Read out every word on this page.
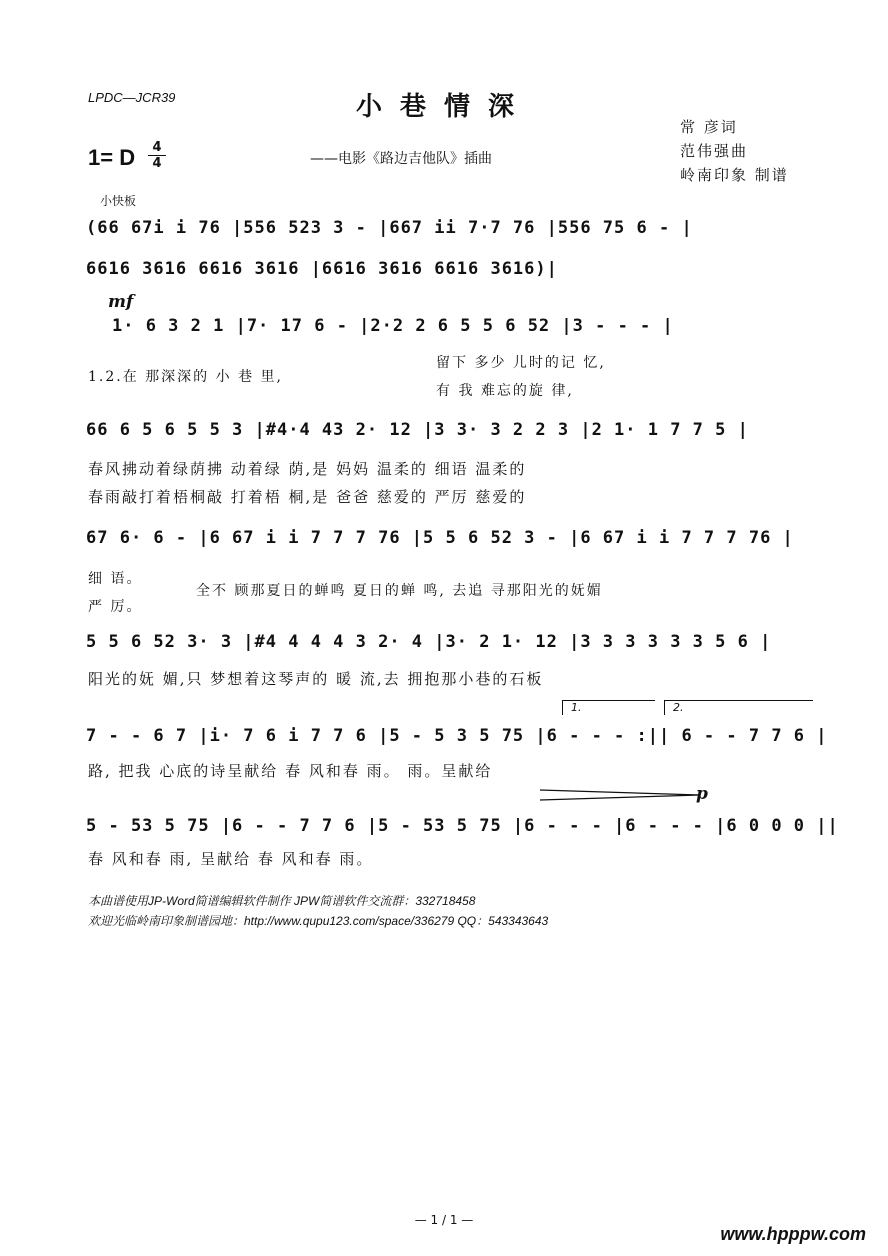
LPDC—JCR39	小巷情深
1= D	4
4	——电影《路边吉他队》插曲
常 彦词
范伟强曲
岭南印象 制谱
小快板
(66 67i i 76 |556 523 3 - |667 ii 7·7 76 |556 75 6 - |
6616 3616 6616 3616 |6616 3616 6616 3616)|
mf
1· 6 3 2 1 |7· 17 6 - |2·2 2 6 5 5 6 52 |3 - - - |
1.2.在 那深深的 小 巷 里,
留下 多少 儿时的记 忆,
有 我 难忘的旋 律,
66 6 5 6 5 5 3 |#4·4 43 2· 12 |3 3· 3 2 2 3 |2 1· 1 7 7 5 |
春风拂动着绿荫拂 动着绿 荫,是 妈妈 温柔的 细语 温柔的
春雨敲打着梧桐敲 打着梧 桐,是 爸爸 慈爱的 严厉 慈爱的
67 6· 6 - |6 67 i i 7 7 7 76 |5 5 6 52 3 - |6 67 i i 7 7 7 76 |
细 语。
严 厉。
全不 顾那夏日的蝉鸣 夏日的蝉 鸣, 去追 寻那阳光的妩媚
5 5 6 52 3· 3 |#4 4 4 4 3 2· 4 |3· 2 1· 12 |3 3 3 3 3 3 5 6 |
阳光的妩 媚,只 梦想着这琴声的 暖 流,去 拥抱那小巷的石板
1.	2.
7 - - 6 7 |i· 7 6 i 7 7 6 |5 - 5 3 5 75 |6 - - - :|| 6 - - 7 7 6 |
路, 把我 心底的诗呈献给 春 风和春 雨。 雨。呈献给
p
5 - 53 5 75 |6 - - 7 7 6 |5 - 53 5 75 |6 - - - |6 - - - |6 0 0 0 ||
春 风和春 雨, 呈献给 春 风和春 雨。
本曲谱使用JP-Word简谱编辑软件制作 JPW简谱软件交流群：332718458
欢迎光临岭南印象制谱园地：http://www.qupu123.com/space/336279 QQ：543343643
— 1 / 1 —
www.hpppw.com
